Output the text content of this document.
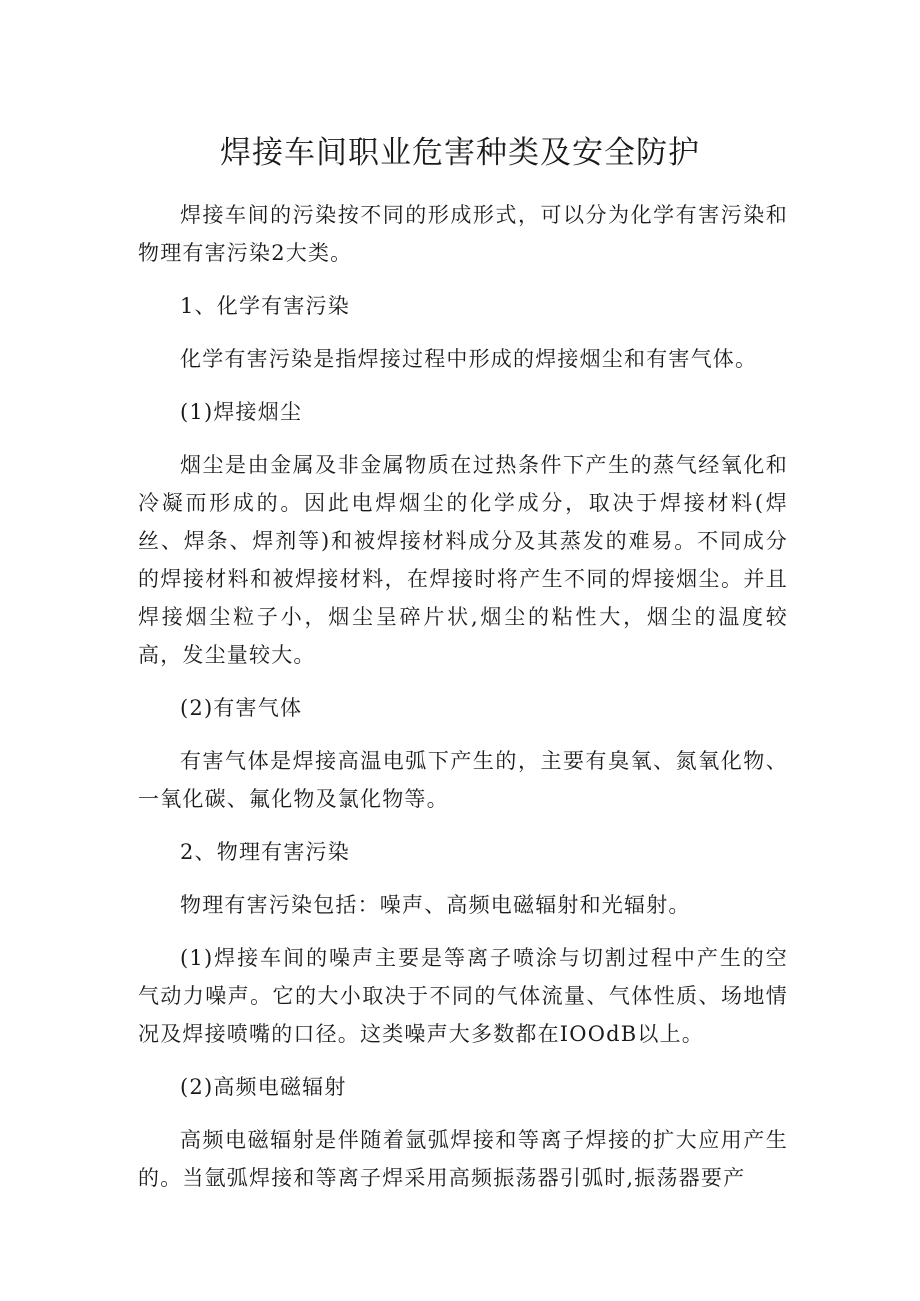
焊接车间职业危害种类及安全防护

焊接车间的污染按不同的形成形式，可以分为化学有害污染和物理有害污染2大类。

1、化学有害污染

化学有害污染是指焊接过程中形成的焊接烟尘和有害气体。

(1)焊接烟尘

烟尘是由金属及非金属物质在过热条件下产生的蒸气经氧化和冷凝而形成的。因此电焊烟尘的化学成分，取决于焊接材料(焊丝、焊条、焊剂等)和被焊接材料成分及其蒸发的难易。不同成分的焊接材料和被焊接材料，在焊接时将产生不同的焊接烟尘。并且焊接烟尘粒子小，烟尘呈碎片状,烟尘的粘性大，烟尘的温度较高，发尘量较大。

(2)有害气体

有害气体是焊接高温电弧下产生的，主要有臭氧、氮氧化物、一氧化碳、氟化物及氯化物等。

2、物理有害污染

物理有害污染包括：噪声、高频电磁辐射和光辐射。

(1)焊接车间的噪声主要是等离子喷涂与切割过程中产生的空气动力噪声。它的大小取决于不同的气体流量、气体性质、场地情况及焊接喷嘴的口径。这类噪声大多数都在IOOdB以上。

(2)高频电磁辐射

高频电磁辐射是伴随着氩弧焊接和等离子焊接的扩大应用产生的。当氩弧焊接和等离子焊采用高频振荡器引弧时,振荡器要产
